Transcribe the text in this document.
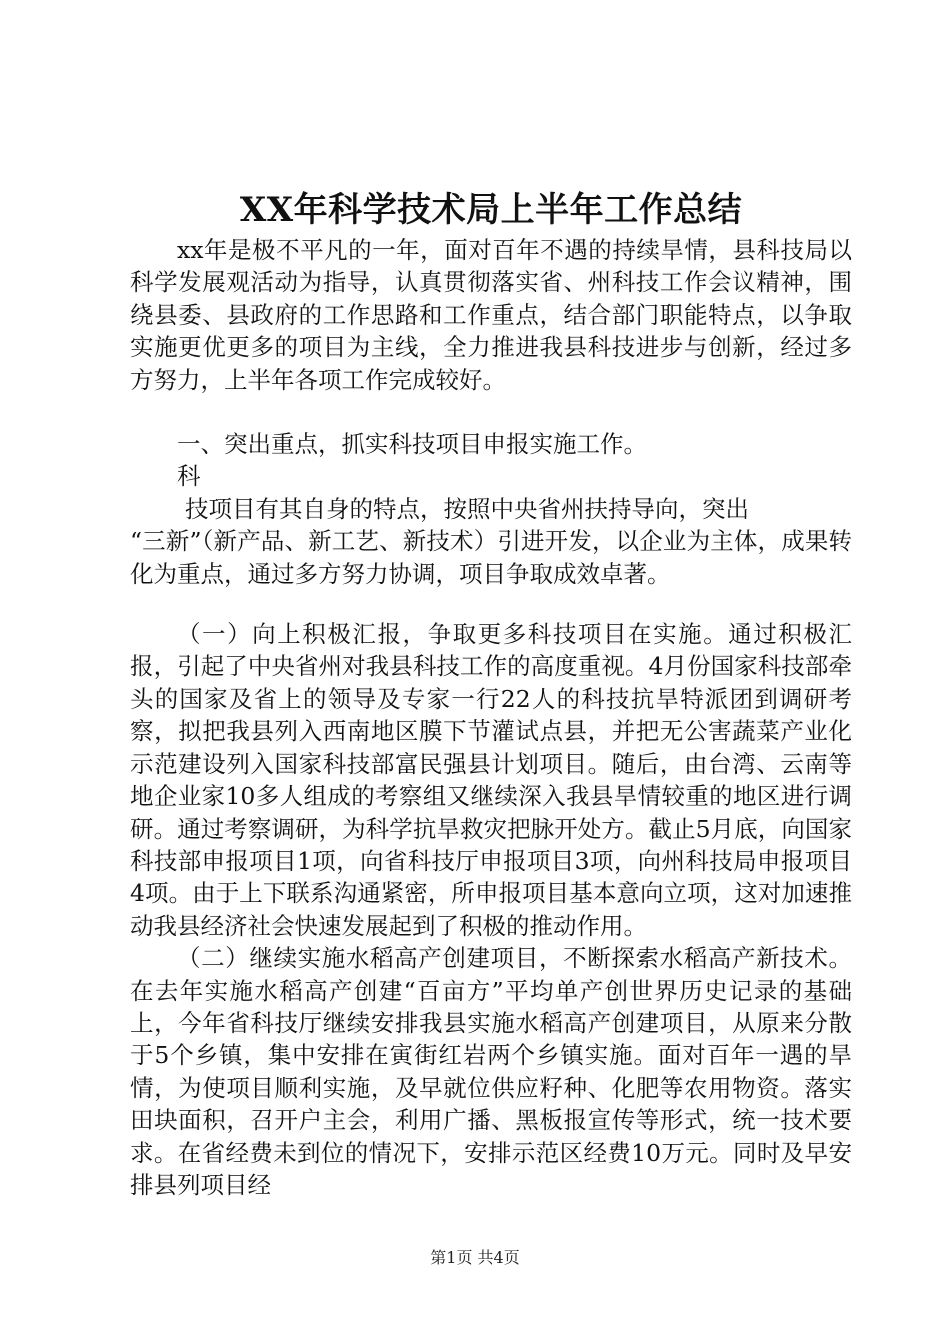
XX年科学技术局上半年工作总结

xx年是极不平凡的一年，面对百年不遇的持续旱情，县科技局以科学发展观活动为指导，认真贯彻落实省、州科技工作会议精神，围绕县委、县政府的工作思路和工作重点，结合部门职能特点，以争取实施更优更多的项目为主线，全力推进我县科技进步与创新，经过多方努力，上半年各项工作完成较好。

一、突出重点，抓实科技项目申报实施工作。

科

技项目有其自身的特点，按照中央省州扶持导向，突出

“三新”（新产品、新工艺、新技术）引进开发，以企业为主体，成果转化为重点，通过多方努力协调，项目争取成效卓著。

（一）向上积极汇报，争取更多科技项目在实施。通过积极汇报，引起了中央省州对我县科技工作的高度重视。4月份国家科技部牵头的国家及省上的领导及专家一行22人的科技抗旱特派团到调研考察，拟把我县列入西南地区膜下节灌试点县，并把无公害蔬菜产业化示范建设列入国家科技部富民强县计划项目。随后，由台湾、云南等地企业家10多人组成的考察组又继续深入我县旱情较重的地区进行调研。通过考察调研，为科学抗旱救灾把脉开处方。截止5月底，向国家科技部申报项目1项，向省科技厅申报项目3项，向州科技局申报项目4项。由于上下联系沟通紧密，所申报项目基本意向立项，这对加速推动我县经济社会快速发展起到了积极的推动作用。

（二）继续实施水稻高产创建项目，不断探索水稻高产新技术。在去年实施水稻高产创建“百亩方”平均单产创世界历史记录的基础上，今年省科技厅继续安排我县实施水稻高产创建项目，从原来分散于5个乡镇，集中安排在寅街红岩两个乡镇实施。面对百年一遇的旱情，为使项目顺利实施，及早就位供应籽种、化肥等农用物资。落实田块面积，召开户主会，利用广播、黑板报宣传等形式，统一技术要求。在省经费未到位的情况下，安排示范区经费10万元。同时及早安排县列项目经

第1页 共4页
